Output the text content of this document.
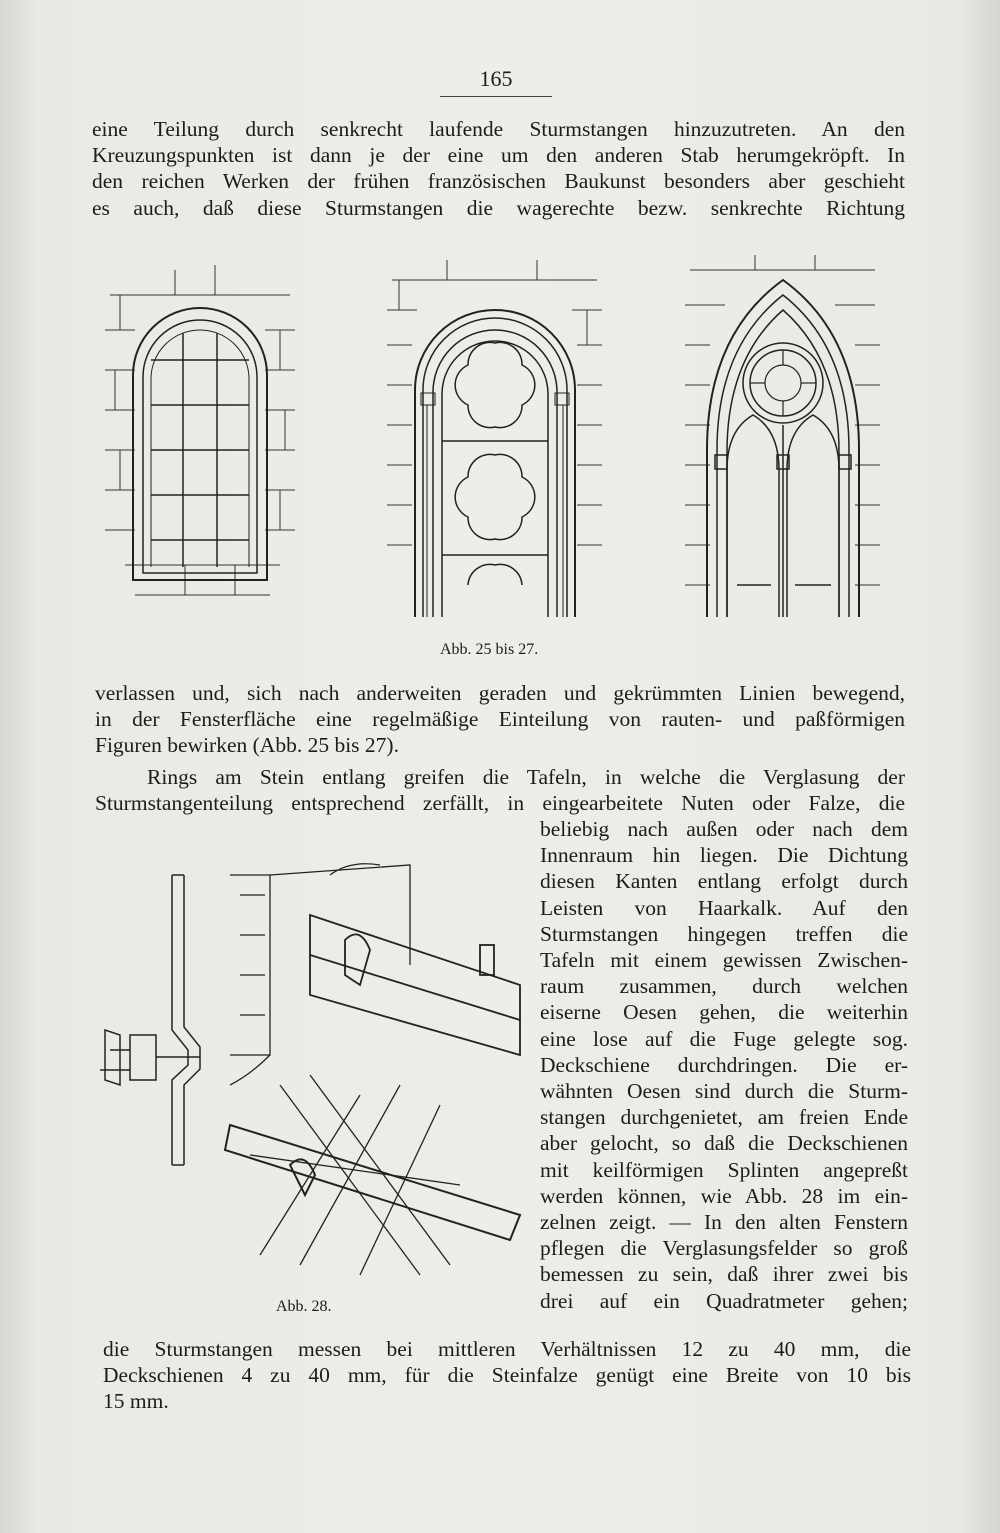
165
eine Teilung durch senkrecht laufende Sturmstangen hinzuzutreten. An den
Kreuzungspunkten ist dann je der eine um den anderen Stab herumgekröpft. In
den reichen Werken der frühen französischen Baukunst besonders aber geschieht
es auch, daß diese Sturmstangen die wagerechte bezw. senkrechte Richtung
Abb. 25 bis 27.
verlassen und, sich nach anderweiten geraden und gekrümmten Linien bewegend,
in der Fensterfläche eine regelmäßige Einteilung von rauten- und paßförmigen
Figuren bewirken (Abb. 25 bis 27).
Rings am Stein entlang greifen die Tafeln, in welche die Verglasung der
Sturmstangenteilung entsprechend zerfällt, in eingearbeitete Nuten oder Falze, die
beliebig nach außen oder nach dem
Innenraum hin liegen. Die Dichtung
diesen Kanten entlang erfolgt durch
Leisten von Haarkalk. Auf den
Sturmstangen hingegen treffen die
Tafeln mit einem gewissen Zwischen-
raum zusammen, durch welchen
eiserne Oesen gehen, die weiterhin
eine lose auf die Fuge gelegte sog.
Deckschiene durchdringen. Die er-
wähnten Oesen sind durch die Sturm-
stangen durchgenietet, am freien Ende
aber gelocht, so daß die Deckschienen
mit keilförmigen Splinten angepreßt
werden können, wie Abb. 28 im ein-
zelnen zeigt. — In den alten Fenstern
pflegen die Verglasungsfelder so groß
bemessen zu sein, daß ihrer zwei bis
drei auf ein Quadratmeter gehen;
Abb. 28.
die Sturmstangen messen bei mittleren Verhältnissen 12 zu 40 mm, die
Deckschienen 4 zu 40 mm, für die Steinfalze genügt eine Breite von 10 bis
15 mm.
